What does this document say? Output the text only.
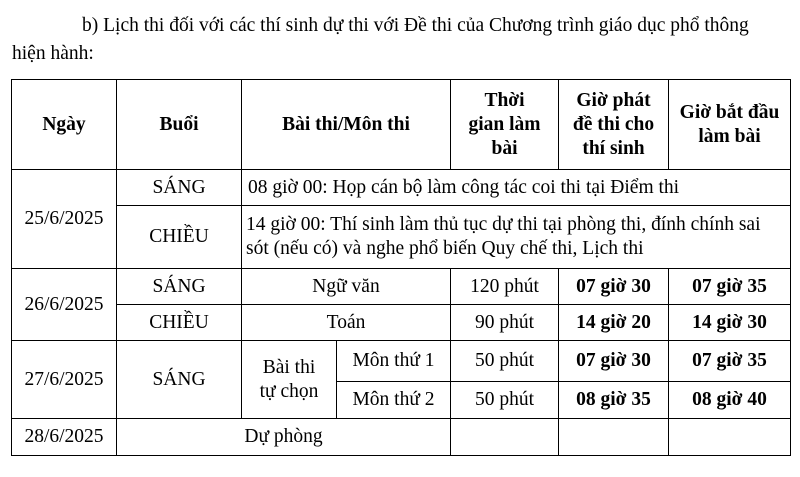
b) Lịch thi đối với các thí sinh dự thi với Đề thi của Chương trình giáo dục phổ thông hiện hành:

Ngày	Buổi	Bài thi/Môn thi		Thời gian làm bài	Giờ phát đề thi cho thí sinh	Giờ bắt đầu làm bài
25/6/2025	SÁNG	08 giờ 00: Họp cán bộ làm công tác coi thi tại Điểm thi				
	CHIỀU	14 giờ 00: Thí sinh làm thủ tục dự thi tại phòng thi, đính chính sai sót (nếu có) và nghe phổ biến Quy chế thi, Lịch thi				
26/6/2025	SÁNG	Ngữ văn		120 phút	07 giờ 30	07 giờ 35
	CHIỀU	Toán		90 phút	14 giờ 20	14 giờ 30
27/6/2025	SÁNG	Bài thi tự chọn	Môn thứ 1	50 phút	07 giờ 30	07 giờ 35
			Môn thứ 2	50 phút	08 giờ 35	08 giờ 40
28/6/2025	Dự phòng					
